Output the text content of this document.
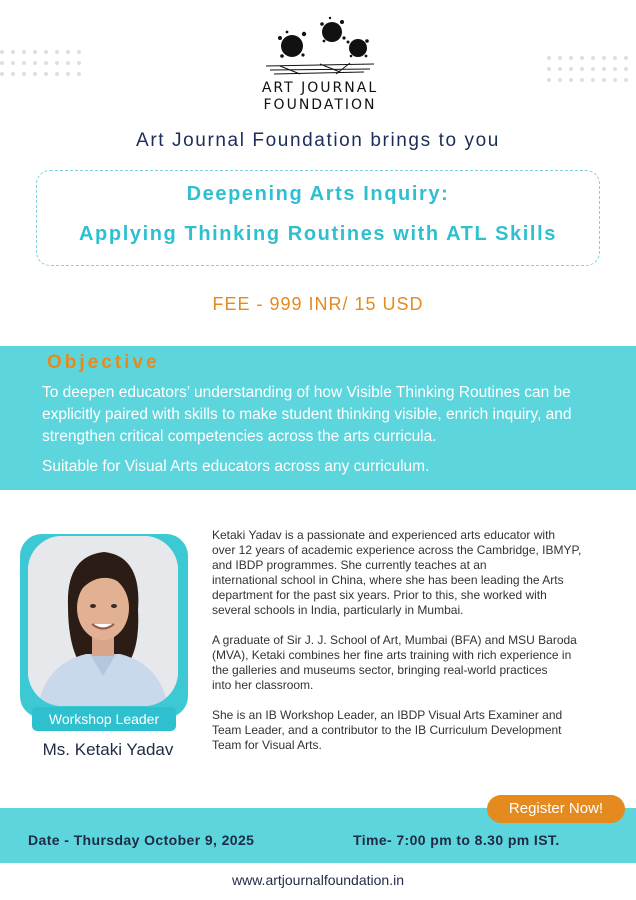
ART JOURNAL
FOUNDATION
Art Journal Foundation brings to you
Deepening Arts Inquiry:
Applying Thinking Routines with ATL Skills
FEE - 999 INR/ 15 USD
Objective
To deepen educators’ understanding of how Visible Thinking Routines can be explicitly paired with skills to make student thinking visible, enrich inquiry, and strengthen critical competencies across the arts curricula.
Suitable for Visual Arts educators across any curriculum.
Workshop Leader
Ms. Ketaki Yadav

Ketaki Yadav is a passionate and experienced arts educator with
over 12 years of academic experience across the Cambridge, IBMYP,
and IBDP programmes. She currently teaches at an
international school in China, where she has been leading the Arts
department for the past six years. Prior to this, she worked with
several schools in India, particularly in Mumbai.

A graduate of Sir J. J. School of Art, Mumbai (BFA) and MSU Baroda
(MVA), Ketaki combines her fine arts training with rich experience in
the galleries and museums sector, bringing real-world practices
into her classroom.

She is an IB Workshop Leader, an IBDP Visual Arts Examiner and
Team Leader, and a contributor to the IB Curriculum Development
Team for Visual Arts.

Register Now!
Date - Thursday October 9, 2025	Time- 7:00 pm to 8.30 pm IST.
www.artjournalfoundation.in
